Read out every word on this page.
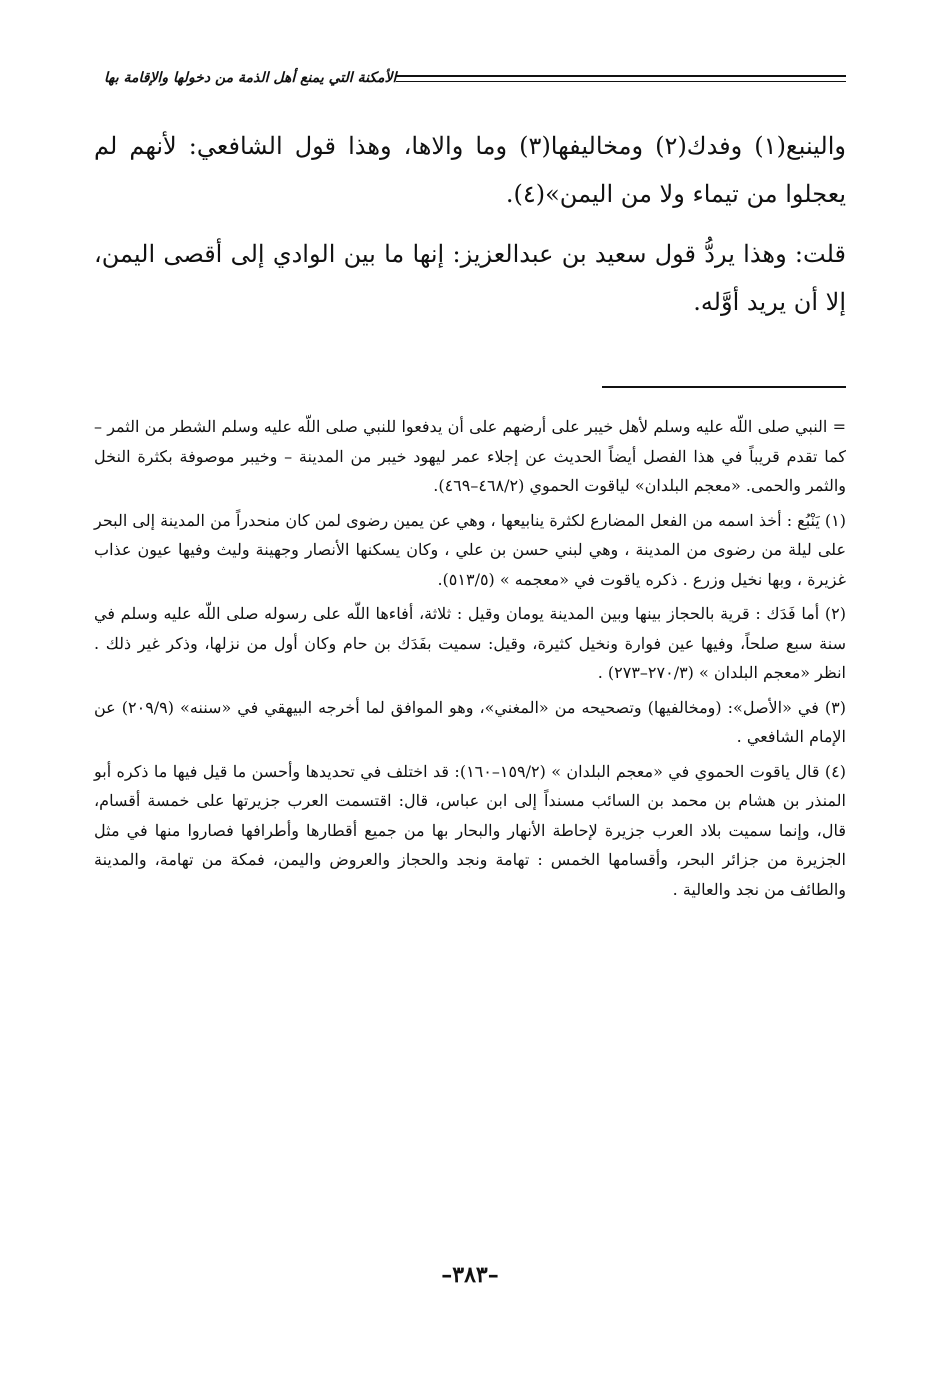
الأمكنة التي يمنع أهل الذمة من دخولها والإقامة بها

والينبع(١) وفدك(٢) ومخاليفها(٣) وما والاها، وهذا قول الشافعي: لأنهم لم يعجلوا من تيماء ولا من اليمن»(٤).

قلت: وهذا يردُّ قول سعيد بن عبدالعزيز: إنها ما بين الوادي إلى أقصى اليمن، إلا أن يريد أوَّله.

= النبي صلى اللّه عليه وسلم لأهل خيبر على أرضهم على أن يدفعوا للنبي صلى اللّه عليه وسلم الشطر من الثمر – كما تقدم قريباً في هذا الفصل أيضاً الحديث عن إجلاء عمر ليهود خيبر من المدينة – وخيبر موصوفة بكثرة النخل والثمر والحمى. «معجم البلدان» لياقوت الحموي (٤٦٨/٢–٤٦٩).

(١) يَنْبُع : أخذ اسمه من الفعل المضارع لكثرة ينابيعها ، وهي عن يمين رضوى لمن كان منحدراً من المدينة إلى البحر على ليلة من رضوى من المدينة ، وهي لبني حسن بن علي ، وكان يسكنها الأنصار وجهينة وليث وفيها عيون عذاب غزيرة ، وبها نخيل وزرع . ذكره ياقوت في «معجمه » (٥١٣/٥).

(٢) أما فَدَك : قرية بالحجاز بينها وبين المدينة يومان وقيل : ثلاثة، أفاءها اللّه على رسوله صلى اللّه عليه وسلم في سنة سبع صلحاً، وفيها عين فوارة ونخيل كثيرة، وقيل: سميت بفَدَك بن حام وكان أول من نزلها، وذكر غير ذلك . انظر «معجم البلدان » (٢٧٠/٣–٢٧٣) .

(٣) في «الأصل»: (ومخالفيها) وتصحيحه من «المغني»، وهو الموافق لما أخرجه البيهقي في «سننه» (٢٠٩/٩) عن الإمام الشافعي .

(٤) قال ياقوت الحموي في «معجم البلدان » (١٥٩/٢–١٦٠): قد اختلف في تحديدها وأحسن ما قيل فيها ما ذكره أبو المنذر بن هشام بن محمد بن السائب مسنداً إلى ابن عباس، قال: اقتسمت العرب جزيرتها على خمسة أقسام، قال، وإنما سميت بلاد العرب جزيرة لإحاطة الأنهار والبحار بها من جميع أقطارها وأطرافها فصاروا منها في مثل الجزيرة من جزائر البحر، وأقسامها الخمس : تهامة ونجد والحجاز والعروض واليمن، فمكة من تهامة، والمدينة والطائف من نجد والعالية .

–٣٨٣–
